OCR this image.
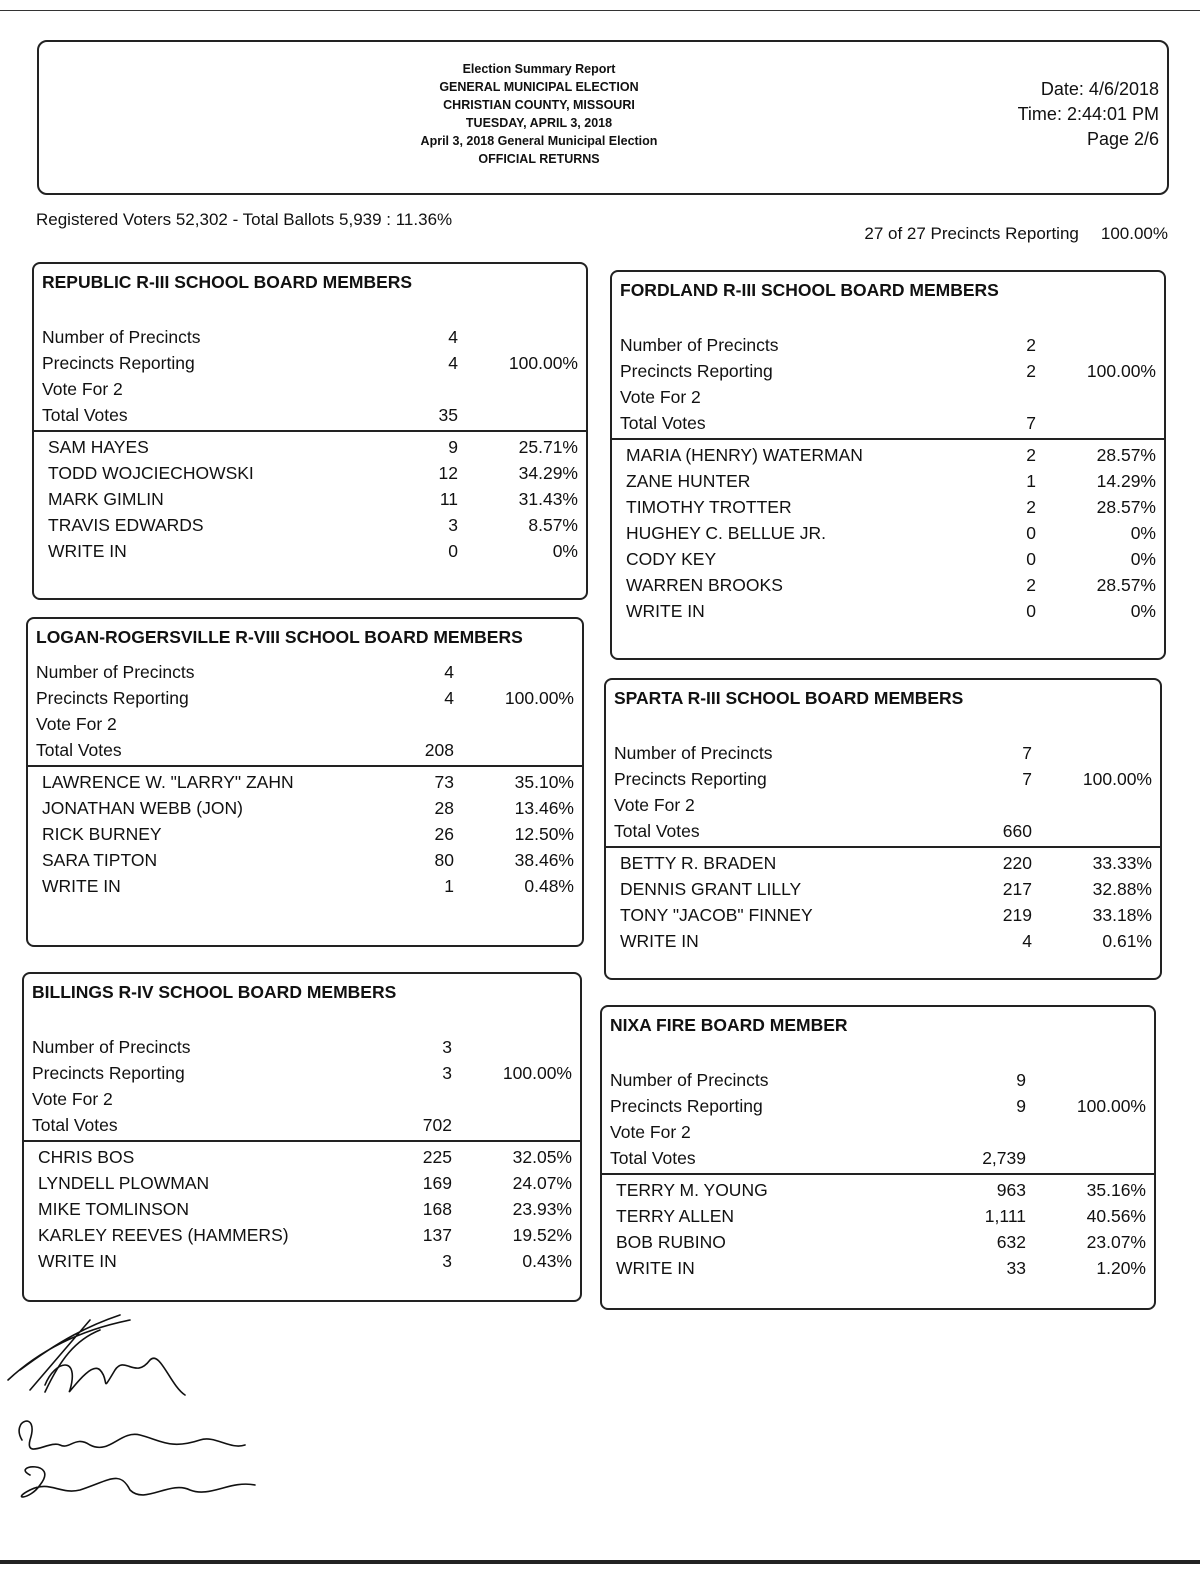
Election Summary Report
GENERAL MUNICIPAL ELECTION
CHRISTIAN COUNTY, MISSOURI
TUESDAY, APRIL 3, 2018
April 3, 2018 General Municipal Election
OFFICIAL RETURNS
Date: 4/6/2018
Time: 2:44:01 PM
Page 2/6
Registered Voters 52,302 - Total Ballots 5,939 : 11.36%
27 of 27 Precincts Reporting 100.00%
REPUBLIC R-III SCHOOL BOARD MEMBERS
Number of Precincts	4
Precincts Reporting	4	100.00%
Vote For 2
Total Votes	35
SAM HAYES	9	25.71%
TODD WOJCIECHOWSKI	12	34.29%
MARK GIMLIN	11	31.43%
TRAVIS EDWARDS	3	8.57%
WRITE IN	0	0%
LOGAN-ROGERSVILLE R-VIII SCHOOL BOARD MEMBERS
Number of Precincts	4
Precincts Reporting	4	100.00%
Vote For 2
Total Votes	208
LAWRENCE W. "LARRY" ZAHN	73	35.10%
JONATHAN WEBB (JON)	28	13.46%
RICK BURNEY	26	12.50%
SARA TIPTON	80	38.46%
WRITE IN	1	0.48%
BILLINGS R-IV SCHOOL BOARD MEMBERS
Number of Precincts	3
Precincts Reporting	3	100.00%
Vote For 2
Total Votes	702
CHRIS BOS	225	32.05%
LYNDELL PLOWMAN	169	24.07%
MIKE TOMLINSON	168	23.93%
KARLEY REEVES (HAMMERS)	137	19.52%
WRITE IN	3	0.43%
FORDLAND R-III SCHOOL BOARD MEMBERS
Number of Precincts	2
Precincts Reporting	2	100.00%
Vote For 2
Total Votes	7
MARIA (HENRY) WATERMAN	2	28.57%
ZANE HUNTER	1	14.29%
TIMOTHY TROTTER	2	28.57%
HUGHEY C. BELLUE JR.	0	0%
CODY KEY	0	0%
WARREN BROOKS	2	28.57%
WRITE IN	0	0%
SPARTA R-III SCHOOL BOARD MEMBERS
Number of Precincts	7
Precincts Reporting	7	100.00%
Vote For 2
Total Votes	660
BETTY R. BRADEN	220	33.33%
DENNIS GRANT LILLY	217	32.88%
TONY "JACOB" FINNEY	219	33.18%
WRITE IN	4	0.61%
NIXA FIRE BOARD MEMBER
Number of Precincts	9
Precincts Reporting	9	100.00%
Vote For 2
Total Votes	2,739
TERRY M. YOUNG	963	35.16%
TERRY ALLEN	1,111	40.56%
BOB RUBINO	632	23.07%
WRITE IN	33	1.20%
